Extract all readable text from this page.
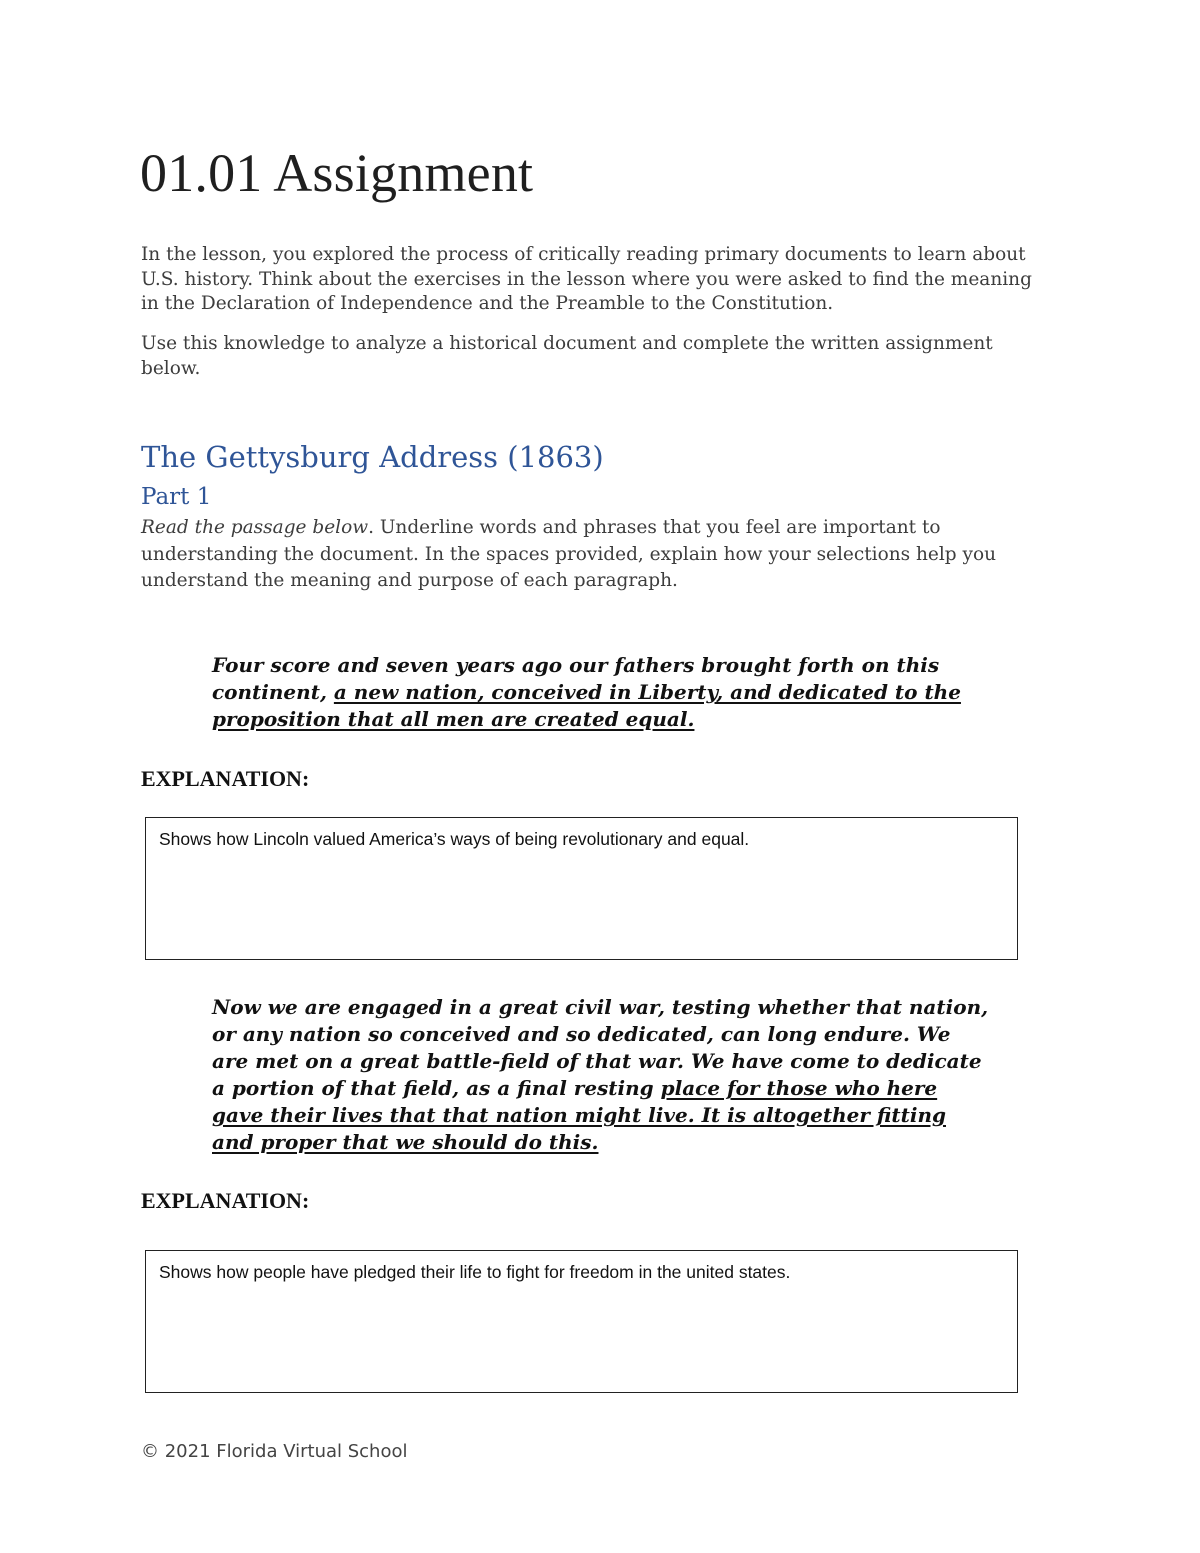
01.01 Assignment

In the lesson, you explored the process of critically reading primary documents to learn about U.S. history. Think about the exercises in the lesson where you were asked to find the meaning in the Declaration of Independence and the Preamble to the Constitution.

Use this knowledge to analyze a historical document and complete the written assignment below.

The Gettysburg Address (1863)
Part 1

Read the passage below. Underline words and phrases that you feel are important to understanding the document. In the spaces provided, explain how your selections help you understand the meaning and purpose of each paragraph.

Four score and seven years ago our fathers brought forth on this continent, a new nation, conceived in Liberty, and dedicated to the proposition that all men are created equal.

EXPLANATION:
Shows how Lincoln valued America’s ways of being revolutionary and equal.

Now we are engaged in a great civil war, testing whether that nation, or any nation so conceived and so dedicated, can long endure. We are met on a great battle-field of that war. We have come to dedicate a portion of that field, as a final resting place for those who here gave their lives that that nation might live. It is altogether fitting and proper that we should do this.

EXPLANATION:
Shows how people have pledged their life to fight for freedom in the united states.
© 2021 Florida Virtual School
